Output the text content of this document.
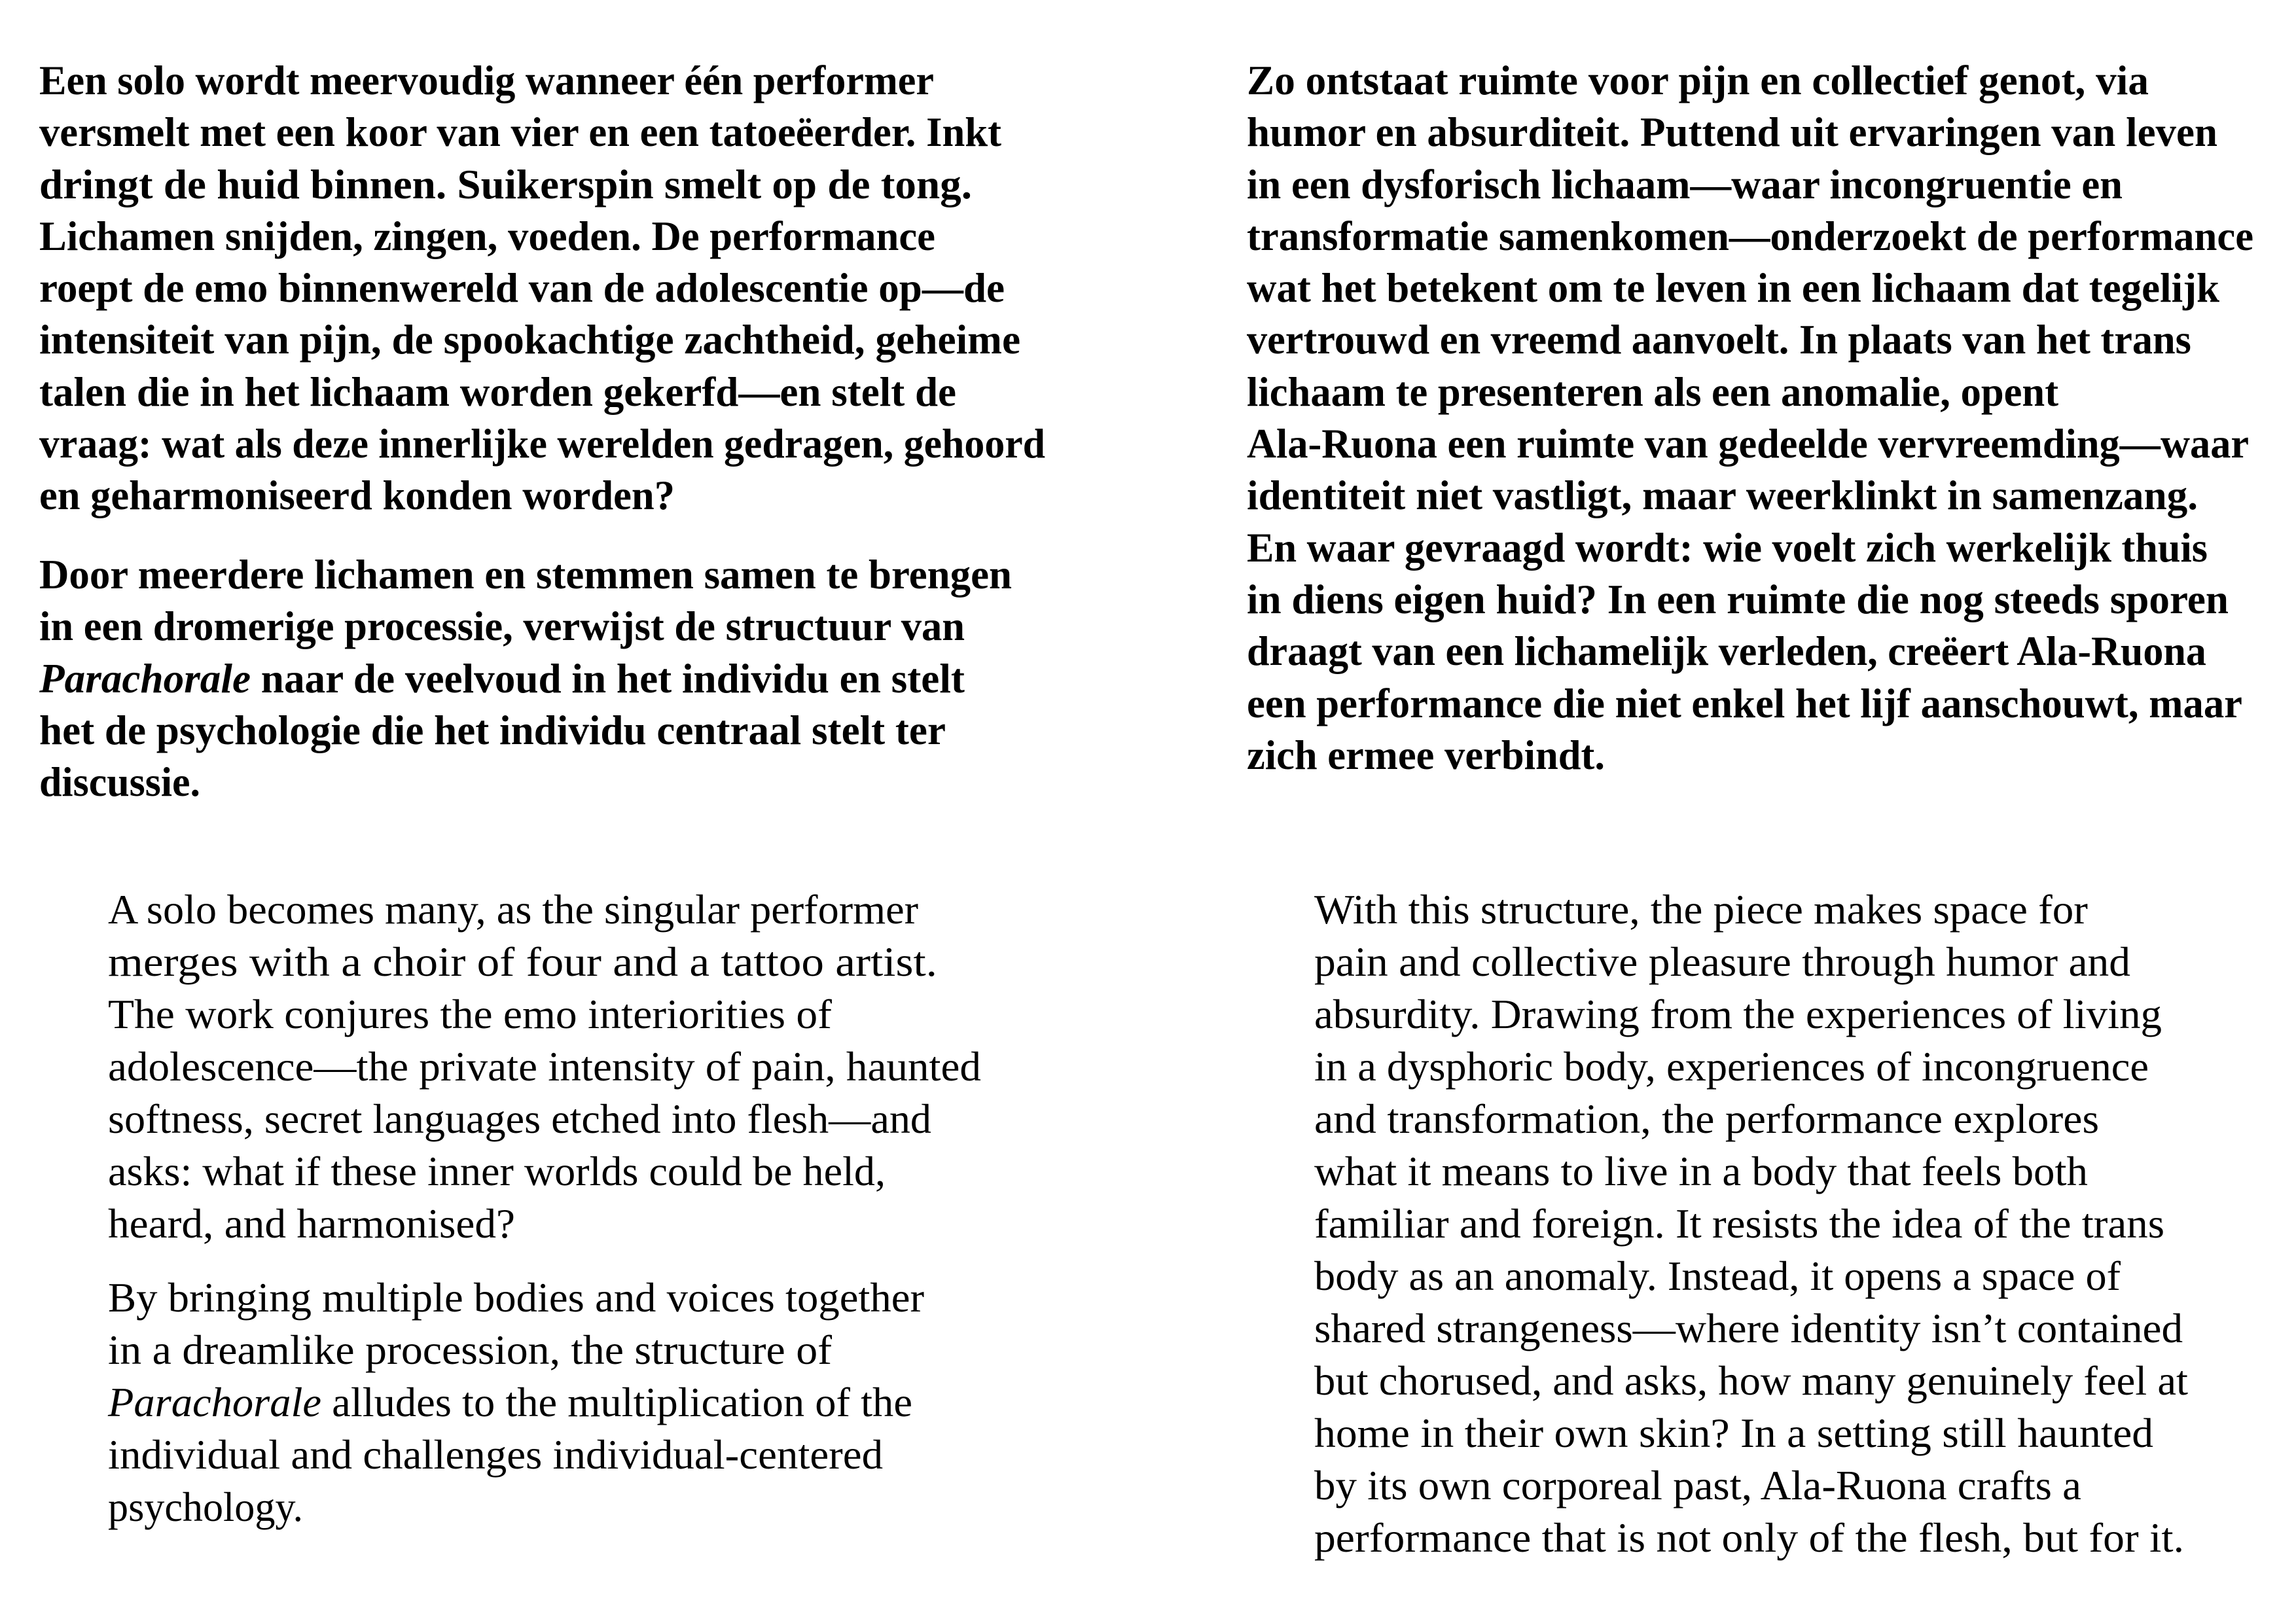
Een solo wordt meervoudig wanneer één performer
versmelt met een koor van vier en een tatoeëerder. Inkt
dringt de huid binnen. Suikerspin smelt op de tong.
Lichamen snijden, zingen, voeden. De performance
roept de emo binnenwereld van de adolescentie op—de
intensiteit van pijn, de spookachtige zachtheid, geheime
talen die in het lichaam worden gekerfd—en stelt de
vraag: wat als deze innerlijke werelden gedragen, gehoord
en geharmoniseerd konden worden?
Door meerdere lichamen en stemmen samen te brengen
in een dromerige processie, verwijst de structuur van
Parachorale naar de veelvoud in het individu en stelt
het de psychologie die het individu centraal stelt ter
discussie.
Zo ontstaat ruimte voor pijn en collectief genot, via
humor en absurditeit. Puttend uit ervaringen van leven
in een dysforisch lichaam—waar incongruentie en
transformatie samenkomen—onderzoekt de performance
wat het betekent om te leven in een lichaam dat tegelijk
vertrouwd en vreemd aanvoelt. In plaats van het trans
lichaam te presenteren als een anomalie, opent
Ala-Ruona een ruimte van gedeelde vervreemding—waar
identiteit niet vastligt, maar weerklinkt in samenzang.
En waar gevraagd wordt: wie voelt zich werkelijk thuis
in diens eigen huid? In een ruimte die nog steeds sporen
draagt van een lichamelijk verleden, creëert Ala-Ruona
een performance die niet enkel het lijf aanschouwt, maar
zich ermee verbindt.
A solo becomes many, as the singular performer
merges with a choir of four and a tattoo artist.
The work conjures the emo interiorities of
adolescence—the private intensity of pain, haunted
softness, secret languages etched into flesh—and
asks: what if these inner worlds could be held,
heard, and harmonised?
By bringing multiple bodies and voices together
in a dreamlike procession, the structure of
Parachorale alludes to the multiplication of the
individual and challenges individual-centered
psychology.
With this structure, the piece makes space for
pain and collective pleasure through humor and
absurdity. Drawing from the experiences of living
in a dysphoric body, experiences of incongruence
and transformation, the performance explores
what it means to live in a body that feels both
familiar and foreign. It resists the idea of the trans
body as an anomaly. Instead, it opens a space of
shared strangeness—where identity isn’t contained
but chorused, and asks, how many genuinely feel at
home in their own skin? In a setting still haunted
by its own corporeal past, Ala-Ruona crafts a
performance that is not only of the flesh, but for it.
